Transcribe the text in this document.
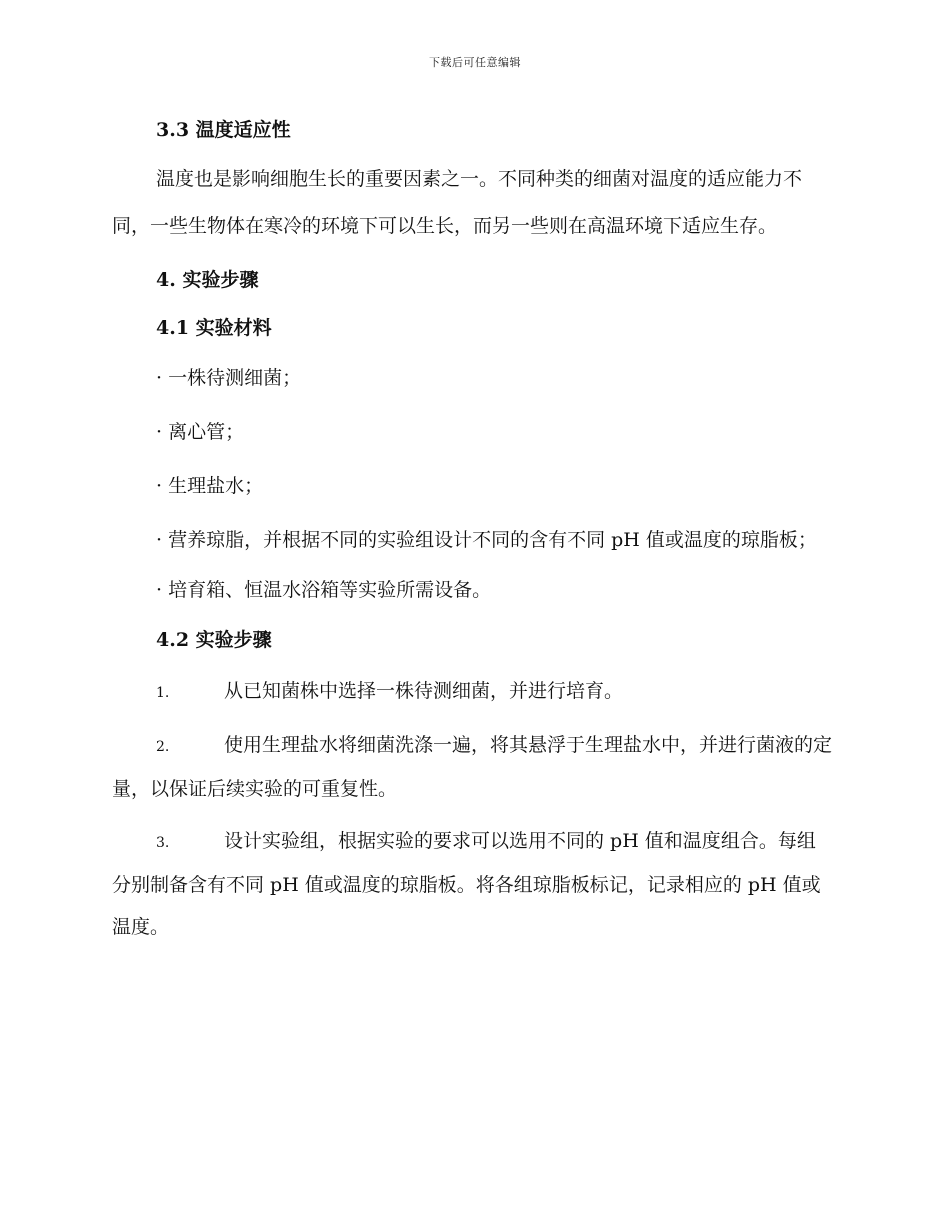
下载后可任意编辑
3.3 温度适应性

温度也是影响细胞生长的重要因素之一。不同种类的细菌对温度的适应能力不同，一些生物体在寒冷的环境下可以生长，而另一些则在高温环境下适应生存。

4. 实验步骤
4.1 实验材料

· 一株待测细菌；

· 离心管；

· 生理盐水；

· 营养琼脂，并根据不同的实验组设计不同的含有不同 pH 值或温度的琼脂板；

· 培育箱、恒温水浴箱等实验所需设备。

4.2 实验步骤

1.	从已知菌株中选择一株待测细菌，并进行培育。

2.	使用生理盐水将细菌洗涤一遍，将其悬浮于生理盐水中，并进行菌液的定量，以保证后续实验的可重复性。

3.	设计实验组，根据实验的要求可以选用不同的 pH 值和温度组合。每组分别制备含有不同 pH 值或温度的琼脂板。将各组琼脂板标记，记录相应的 pH 值或温度。
